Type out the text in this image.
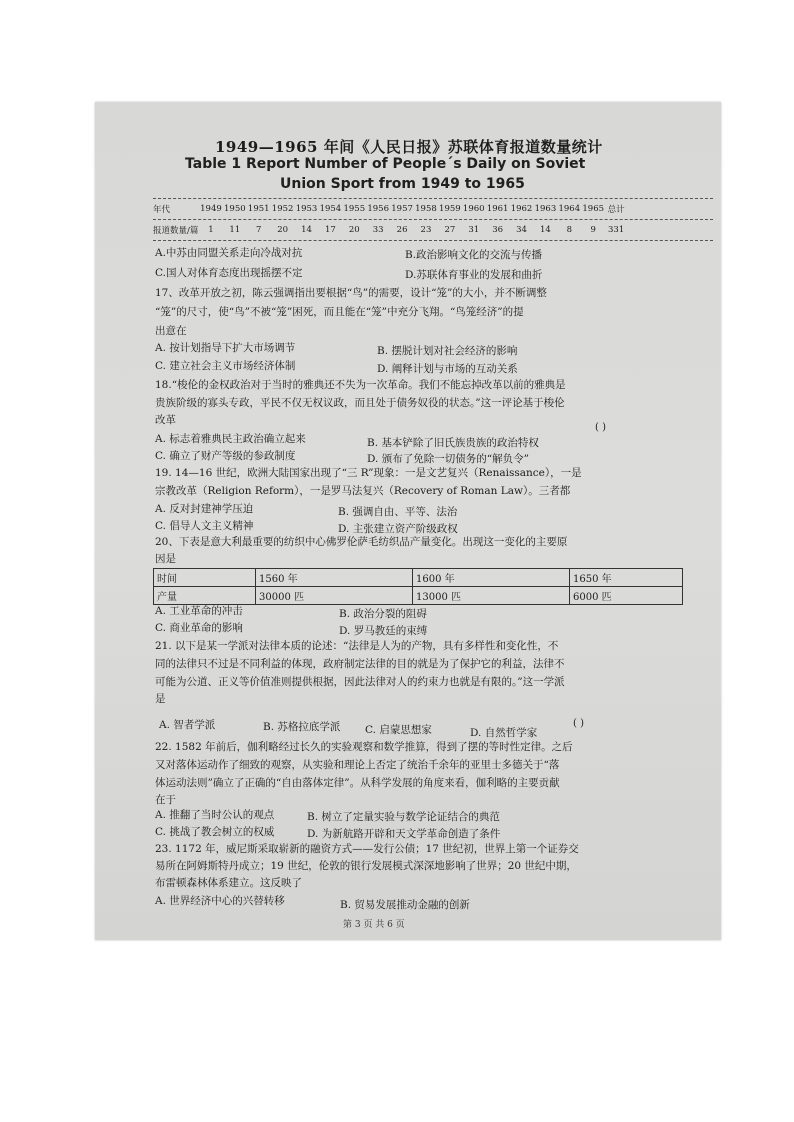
1949—1965 年间《人民日报》苏联体育报道数量统计
Table 1 Report Number of People´s Daily on Soviet
Union Sport from 1949 to 1965
年代	1949 1950 1951 1952 1953 1954 1955 1956 1957 1958 1959 1960 1961 1962 1963 1964 1965 总计
报道数量/篇	1	11	7	20	14	17	20	33	26	23	27	31	36	34	14	8	9	331
A.中苏由同盟关系走向冷战对抗	B.政治影响文化的交流与传播
C.国人对体育态度出现摇摆不定	D.苏联体育事业的发展和曲折
17、改革开放之初，陈云强调指出要根据“鸟”的需要，设计“笼”的大小，并不断调整
“笼”的尺寸，使“鸟”不被“笼”困死，而且能在“笼”中充分飞翔。“鸟笼经济”的提
出意在
A. 按计划指导下扩大市场调节	B. 摆脱计划对社会经济的影响
C. 建立社会主义市场经济体制	D. 阐释计划与市场的互动关系
18.“梭伦的金权政治对于当时的雅典还不失为一次革命。我们不能忘掉改革以前的雅典是
贵族阶级的寡头专政，平民不仅无权议政，而且处于债务奴役的状态。”这一评论基于梭伦
改革
( )
A. 标志着雅典民主政治确立起来	B. 基本铲除了旧氏族贵族的政治特权
C. 确立了财产等级的参政制度	D. 颁布了免除一切债务的“解负令”
19. 14—16 世纪，欧洲大陆国家出现了“三 R”现象：一是文艺复兴（Renaissance），一是
宗教改革（Religion Reform），一是罗马法复兴（Recovery of Roman Law）。三者都
A. 反对封建神学压迫	B. 强调自由、平等、法治
C. 倡导人文主义精神	D. 主张建立资产阶级政权
20、下表是意大利最重要的纺织中心佛罗伦萨毛纺织品产量变化。出现这一变化的主要原
因是
时间	1560 年	1600 年	1650 年
产量	30000 匹	13000 匹	6000 匹
A. 工业革命的冲击	B. 政治分裂的阻碍
C. 商业革命的影响	D. 罗马教廷的束缚
21. 以下是某一学派对法律本质的论述：“法律是人为的产物，具有多样性和变化性，不
同的法律只不过是不同利益的体现，政府制定法律的目的就是为了保护它的利益，法律不
可能为公道、正义等价值准则提供根据，因此法律对人的约束力也就是有限的。”这一学派
是
A. 智者学派	B. 苏格拉底学派 C. 启蒙思想家	D. 自然哲学家
( )
22. 1582 年前后，伽利略经过长久的实验观察和数学推算，得到了摆的等时性定律。之后
又对落体运动作了细致的观察，从实验和理论上否定了统治千余年的亚里士多德关于“落
体运动法则”确立了正确的“自由落体定律”。从科学发展的角度来看，伽利略的主要贡献
在于
A. 推翻了当时公认的观点	B. 树立了定量实验与数学论证结合的典范
C. 挑战了教会树立的权威	D. 为新航路开辟和天文学革命创造了条件
23. 1172 年，威尼斯采取崭新的融资方式——发行公债；17 世纪初，世界上第一个证券交
易所在阿姆斯特丹成立；19 世纪，伦敦的银行发展模式深深地影响了世界；20 世纪中期，
布雷顿森林体系建立。这反映了
A. 世界经济中心的兴替转移	B. 贸易发展推动金融的创新
第 3 页 共 6 页
